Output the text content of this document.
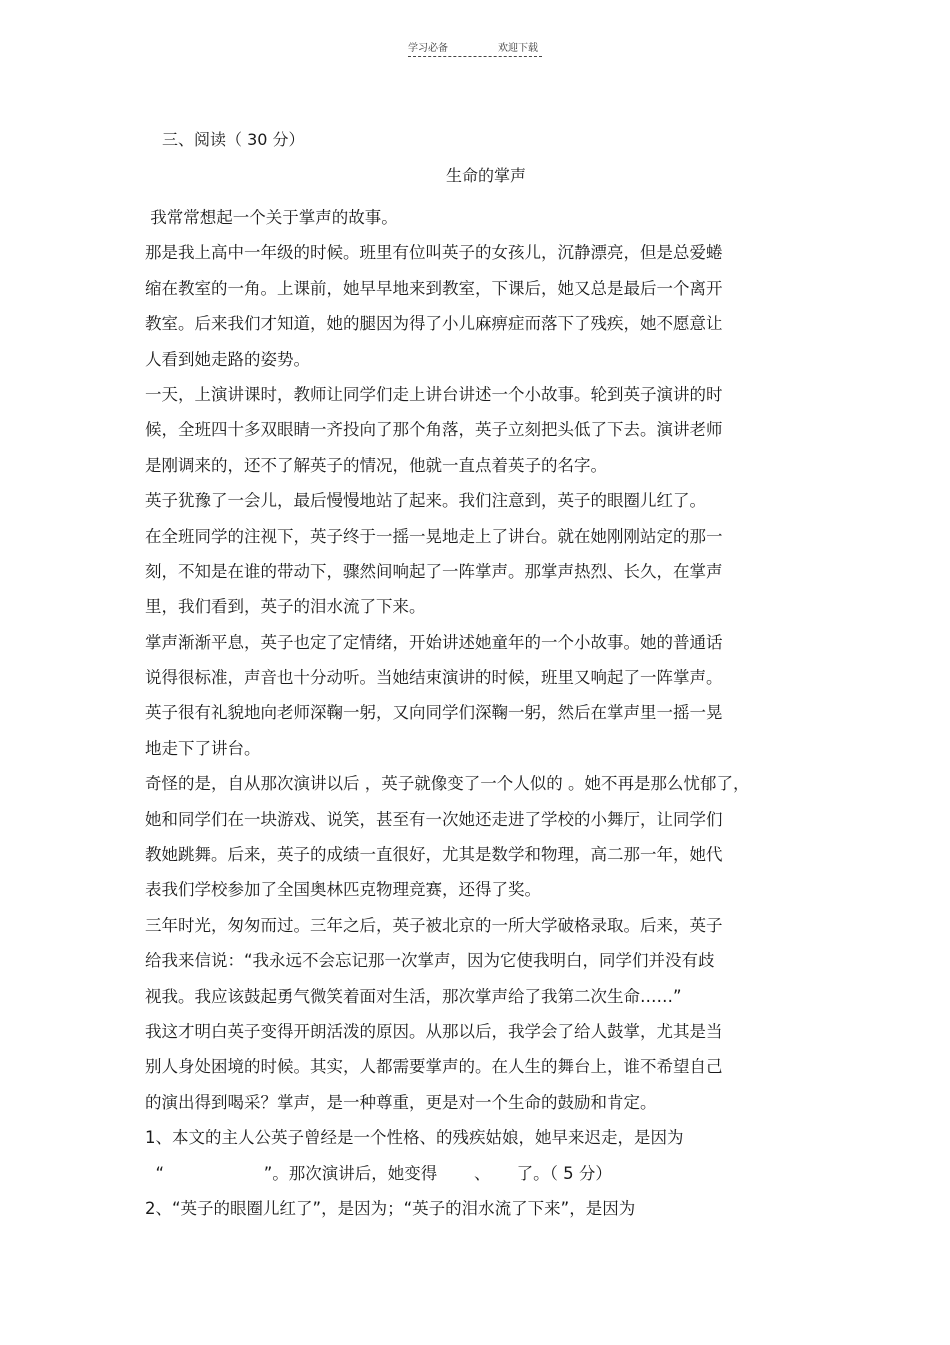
学习必备	欢迎下载
三、阅读（ 30 分）
生命的掌声
我常常想起一个关于掌声的故事。
那是我上高中一年级的时候。班里有位叫英子的女孩儿，沉静漂亮，但是总爱蜷
缩在教室的一角。上课前，她早早地来到教室，下课后，她又总是最后一个离开
教室。后来我们才知道，她的腿因为得了小儿麻痹症而落下了残疾，她不愿意让
人看到她走路的姿势。
一天，上演讲课时，教师让同学们走上讲台讲述一个小故事。轮到英子演讲的时
候，全班四十多双眼睛一齐投向了那个角落，英子立刻把头低了下去。演讲老师
是刚调来的，还不了解英子的情况，他就一直点着英子的名字。
英子犹豫了一会儿，最后慢慢地站了起来。我们注意到，英子的眼圈儿红了。
在全班同学的注视下，英子终于一摇一晃地走上了讲台。就在她刚刚站定的那一
刻，不知是在谁的带动下，骤然间响起了一阵掌声。那掌声热烈、长久，在掌声
里，我们看到，英子的泪水流了下来。
掌声渐渐平息，英子也定了定情绪，开始讲述她童年的一个小故事。她的普通话
说得很标准，声音也十分动听。当她结束演讲的时候，班里又响起了一阵掌声。
英子很有礼貌地向老师深鞠一躬，又向同学们深鞠一躬，然后在掌声里一摇一晃
地走下了讲台。
奇怪的是，自从那次演讲以后 ，英子就像变了一个人似的 。她不再是那么忧郁了，
她和同学们在一块游戏、说笑，甚至有一次她还走进了学校的小舞厅，让同学们
教她跳舞。后来，英子的成绩一直很好，尤其是数学和物理，高二那一年，她代
表我们学校参加了全国奥林匹克物理竞赛，还得了奖。
三年时光，匆匆而过。三年之后，英子被北京的一所大学破格录取。后来，英子
给我来信说：“我永远不会忘记那一次掌声，因为它使我明白，同学们并没有歧
视我。我应该鼓起勇气微笑着面对生活，那次掌声给了我第二次生命……”
我这才明白英子变得开朗活泼的原因。从那以后，我学会了给人鼓掌，尤其是当
别人身处困境的时候。其实，人都需要掌声的。在人生的舞台上，谁不希望自己
的演出得到喝采？掌声，是一种尊重，更是对一个生命的鼓励和肯定。
1、本文的主人公英子曾经是一个性格、的残疾姑娘，她早来迟走，是因为
“                   ”。那次演讲后，她变得       、     了。（ 5 分）
2、“英子的眼圈儿红了”，是因为；“英子的泪水流了下来”，是因为
